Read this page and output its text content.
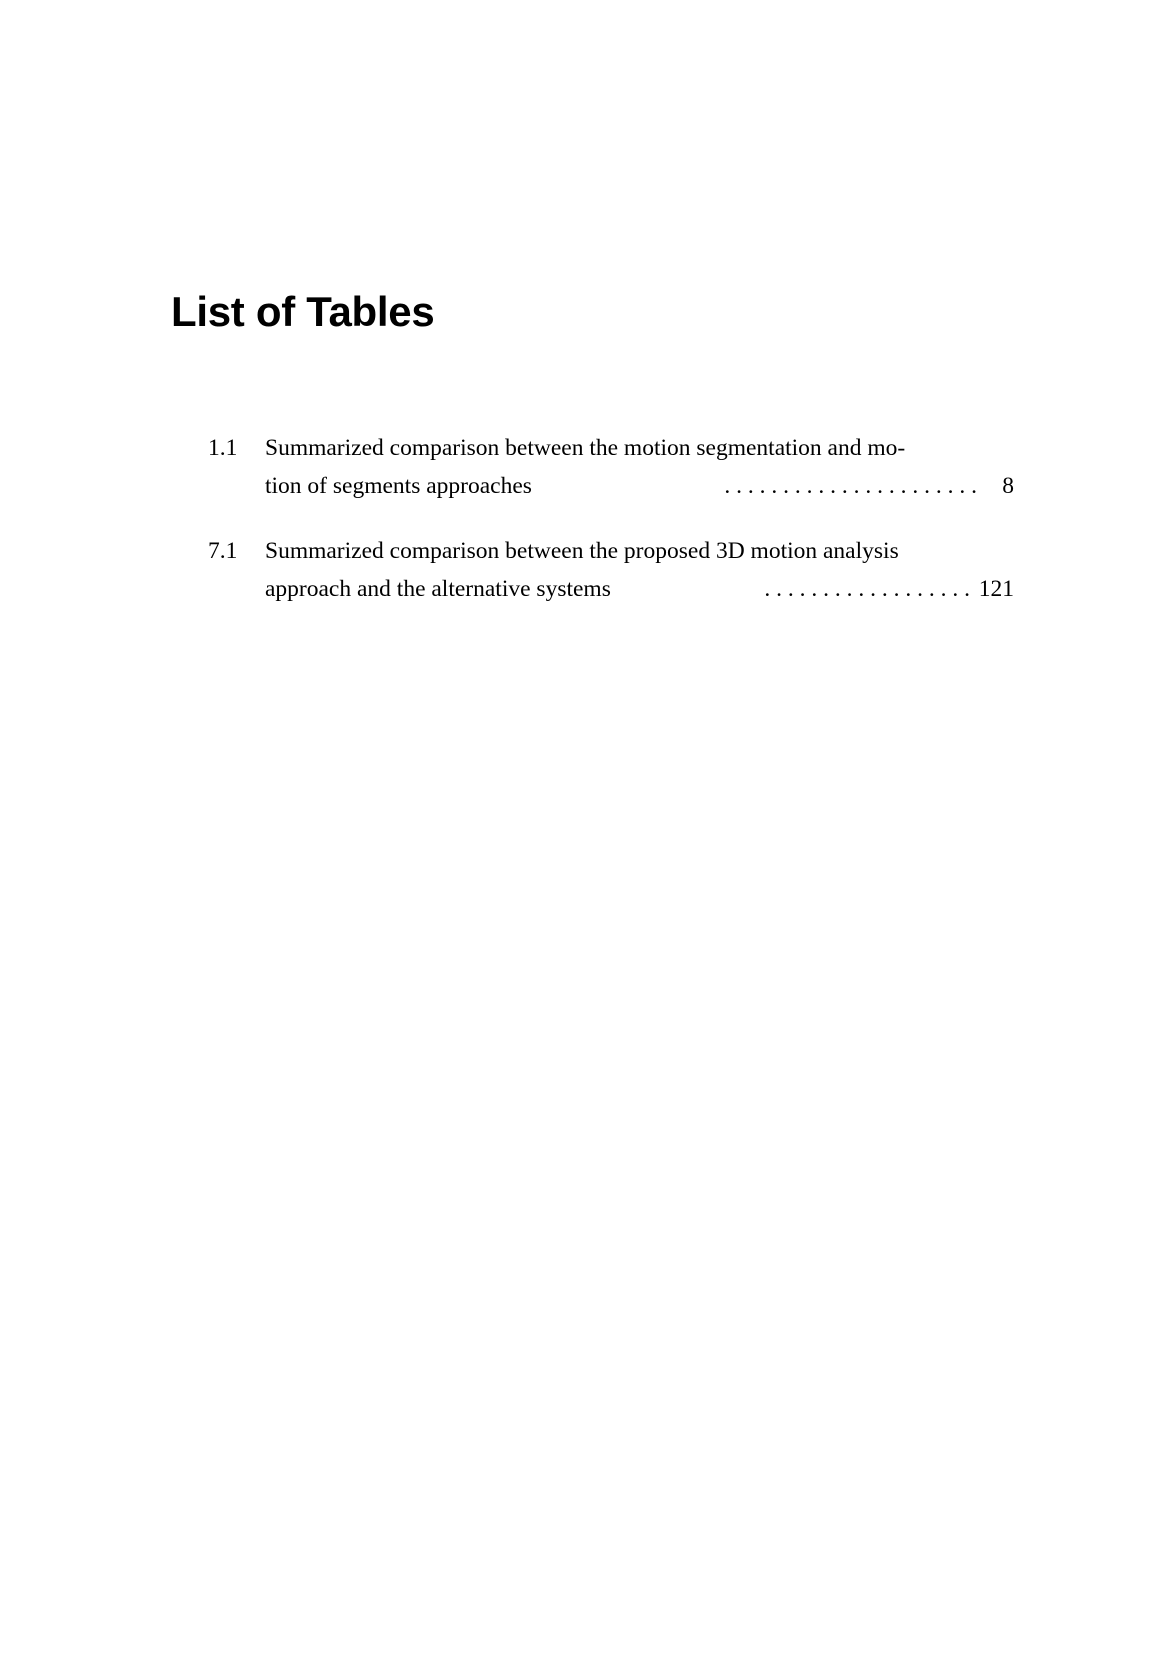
List of Tables
1.1 Summarized comparison between the motion segmentation and mo-
tion of segments approaches	. . . . . . . . . . . . . . . . . . . . . . 8
7.1 Summarized comparison between the proposed 3D motion analysis
approach and the alternative systems	. . . . . . . . . . . . . . . . . . 121
